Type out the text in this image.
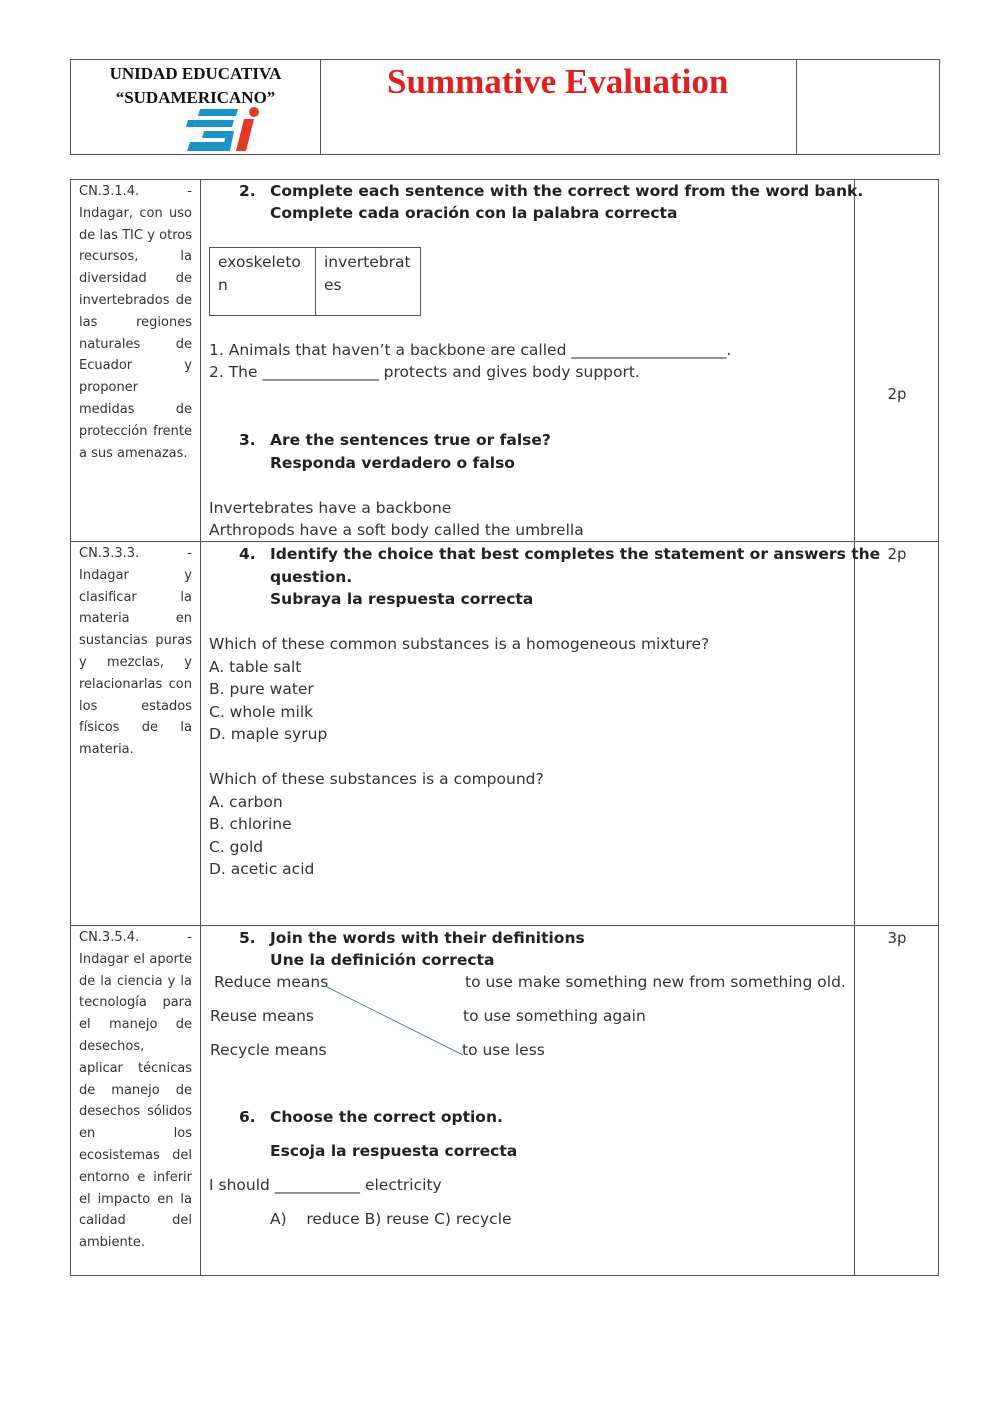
UNIDAD EDUCATIVA
“SUDAMERICANO”	Summative Evaluation
CN.3.1.4. - Indagar, con uso de las TIC y otros recursos, la diversidad de invertebrados de las regiones naturales de Ecuador y proponer medidas de protección frente a sus amenazas.
2. Complete each sentence with the correct word from the word bank.
Complete cada oración con la palabra correcta
exoskeleton
invertebrates
1. Animals that haven’t a backbone are called ____________________.
2. The _______________ protects and gives body support.
3. Are the sentences true or false?
Responda verdadero o falso
Invertebrates have a backbone
Arthropods have a soft body called the umbrella
2p
CN.3.3.3. - Indagar y clasificar la materia en sustancias puras y mezclas, y relacionarlas con los estados físicos de la materia.
4. Identify the choice that best completes the statement or answers the
question.
Subraya la respuesta correcta
Which of these common substances is a homogeneous mixture?
A. table salt
B. pure water
C. whole milk
D. maple syrup
Which of these substances is a compound?
A. carbon
B. chlorine
C. gold
D. acetic acid
2p
CN.3.5.4. - Indagar el aporte de la ciencia y la tecnología para el manejo de desechos, aplicar técnicas de manejo de desechos sólidos en los ecosistemas del entorno e inferir el impacto en la calidad del ambiente.
5. Join the words with their definitions
Une la definición correcta
Reduce means
Reuse means
Recycle means
to use make something new from something old.
to use something again
to use less
6. Choose the correct option.
Escoja la respuesta correcta
I should ___________ electricity
A)    reduce B) reuse C) recycle
3p
